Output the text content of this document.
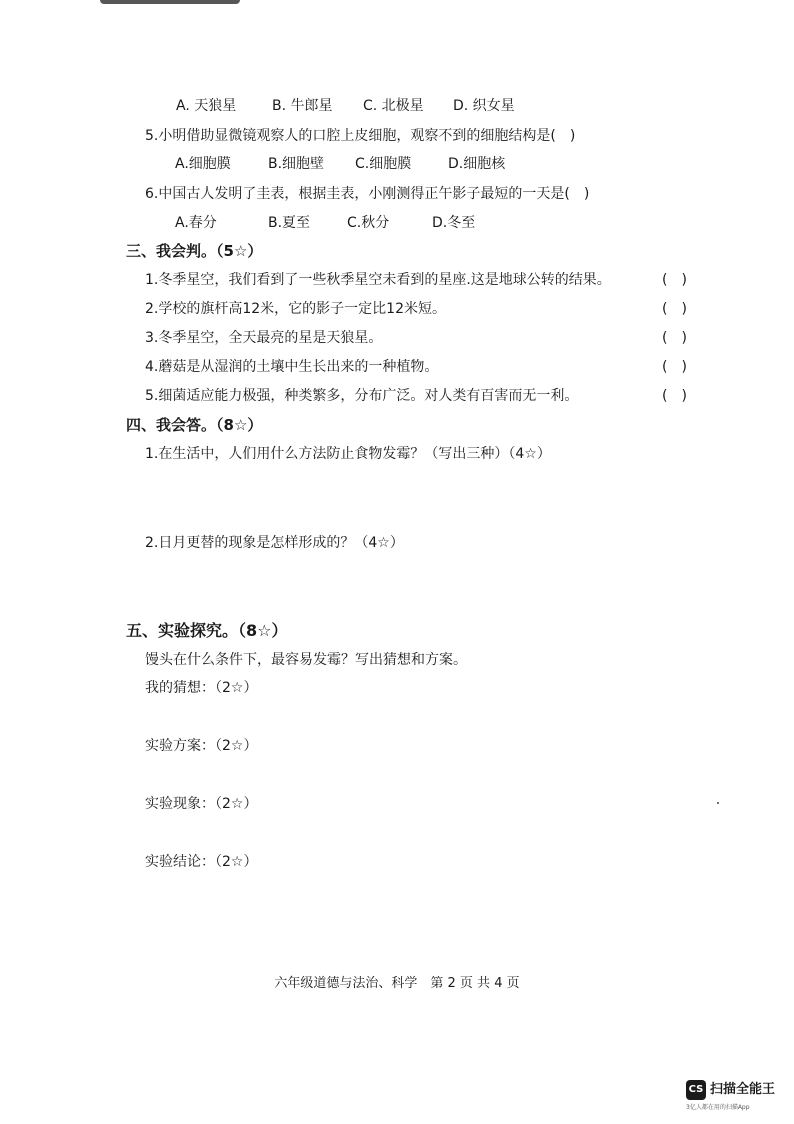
A. 天狼星	B. 牛郎星 C. 北极星 D. 织女星
5.小明借助显微镜观察人的口腔上皮细胞，观察不到的细胞结构是(　)
A.细胞膜	B.细胞壁 C.细胞膜	D.细胞核
6.中国古人发明了圭表，根据圭表，小刚测得正午影子最短的一天是(　)
A.春分	B.夏至	C.秋分	D.冬至
三、我会判。（5☆）
1.冬季星空，我们看到了一些秋季星空未看到的星座.这是地球公转的结果。	(　)
2.学校的旗杆高12米，它的影子一定比12米短。	(　)
3.冬季星空，全天最亮的星是天狼星。	(　)
4.蘑菇是从湿润的土壤中生长出来的一种植物。	(　)
5.细菌适应能力极强，种类繁多，分布广泛。对人类有百害而无一利。	(　)
四、我会答。（8☆）
1.在生活中，人们用什么方法防止食物发霉？（写出三种）（4☆）
2.日月更替的现象是怎样形成的？（4☆）
五、实验探究。（8☆）
馒头在什么条件下，最容易发霉？写出猜想和方案。
我的猜想：（2☆）
实验方案：（2☆）
实验现象：（2☆）
实验结论：（2☆）
六年级道德与法治、科学　第 2 页 共 4 页
CS 扫描全能王
3亿人都在用的扫描App
